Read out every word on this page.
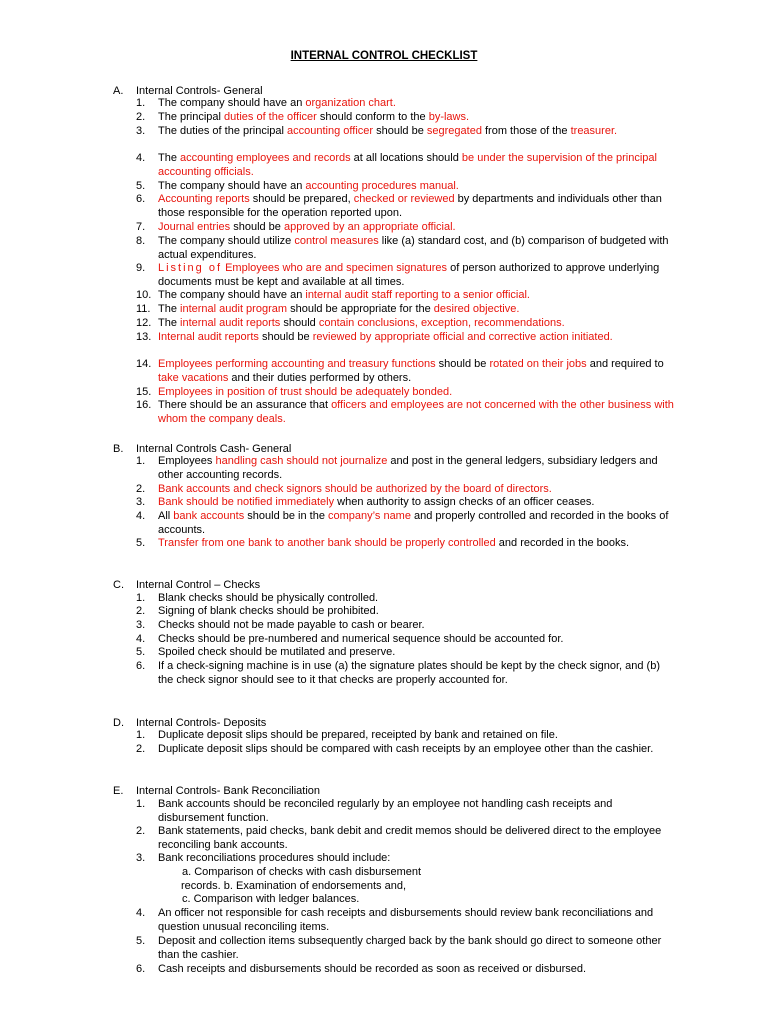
INTERNAL CONTROL CHECKLIST
A. Internal Controls- General
1. The company should have an organization chart.
2. The principal duties of the officer should conform to the by-laws.
3. The duties of the principal accounting officer should be segregated from those of the treasurer.
4. The accounting employees and records at all locations should be under the supervision of the principal accounting officials.
5. The company should have an accounting procedures manual.
6. Accounting reports should be prepared, checked or reviewed by departments and individuals other than those responsible for the operation reported upon.
7. Journal entries should be approved by an appropriate official.
8. The company should utilize control measures like (a) standard cost, and (b) comparison of budgeted with actual expenditures.
9. Listing of Employees who are and specimen signatures of person authorized to approve underlying documents must be kept and available at all times.
10. The company should have an internal audit staff reporting to a senior official.
11. The internal audit program should be appropriate for the desired objective.
12. The internal audit reports should contain conclusions, exception, recommendations.
13. Internal audit reports should be reviewed by appropriate official and corrective action initiated.
14. Employees performing accounting and treasury functions should be rotated on their jobs and required to take vacations and their duties performed by others.
15. Employees in position of trust should be adequately bonded.
16. There should be an assurance that officers and employees are not concerned with the other business with whom the company deals.
B. Internal Controls Cash- General
1. Employees handling cash should not journalize and post in the general ledgers, subsidiary ledgers and other accounting records.
2. Bank accounts and check signors should be authorized by the board of directors.
3. Bank should be notified immediately when authority to assign checks of an officer ceases.
4. All bank accounts should be in the company’s name and properly controlled and recorded in the books of accounts.
5. Transfer from one bank to another bank should be properly controlled and recorded in the books.
C. Internal Control – Checks
1. Blank checks should be physically controlled.
2. Signing of blank checks should be prohibited.
3. Checks should not be made payable to cash or bearer.
4. Checks should be pre-numbered and numerical sequence should be accounted for.
5. Spoiled check should be mutilated and preserve.
6. If a check-signing machine is in use (a) the signature plates should be kept by the check signor, and (b) the check signor should see to it that checks are properly accounted for.
D. Internal Controls- Deposits
1. Duplicate deposit slips should be prepared, receipted by bank and retained on file.
2. Duplicate deposit slips should be compared with cash receipts by an employee other than the cashier.
E. Internal Controls- Bank Reconciliation
1. Bank accounts should be reconciled regularly by an employee not handling cash receipts and disbursement function.
2. Bank statements, paid checks, bank debit and credit memos should be delivered direct to the employee reconciling bank accounts.
3. Bank reconciliations procedures should include:
4. An officer not responsible for cash receipts and disbursements should review bank reconciliations and question unusual reconciling items.
5. Deposit and collection items subsequently charged back by the bank should go direct to someone other than the cashier.
6. Cash receipts and disbursements should be recorded as soon as received or disbursed.
a. Comparison of checks with cash disbursement
records. b. Examination of endorsements and,
c. Comparison with ledger balances.
